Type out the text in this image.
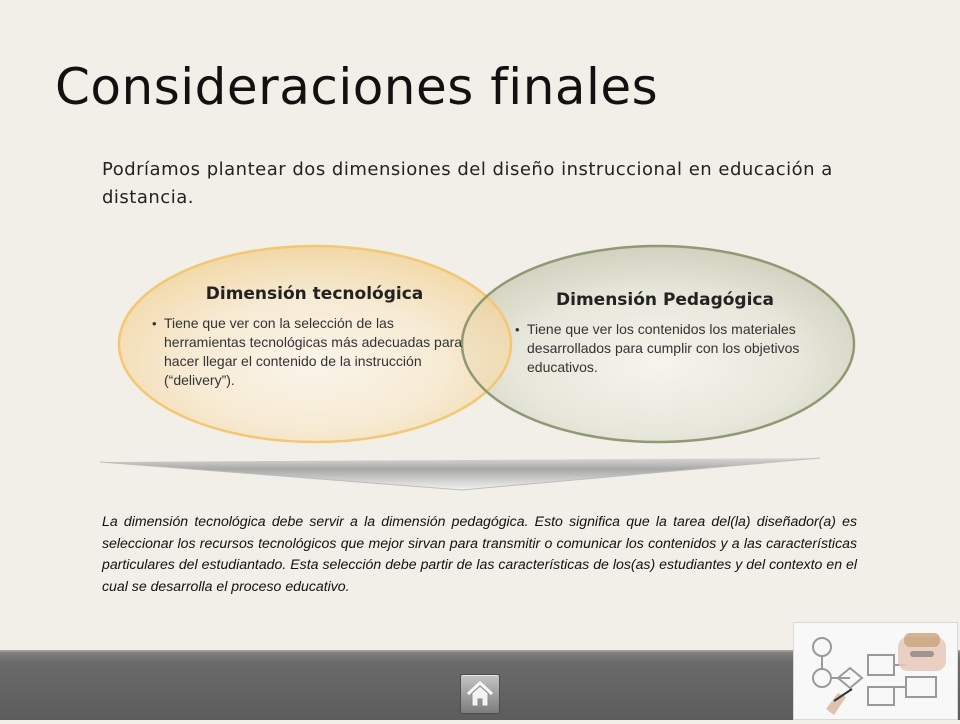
Consideraciones finales

Podríamos plantear dos dimensiones del diseño instruccional en educación a distancia.

Dimensión tecnológica

• Tiene que ver con la selección de las herramientas tecnológicas más adecuadas para hacer llegar el contenido de la instrucción (“delivery”).

Dimensión Pedagógica

• Tiene que ver los contenidos los materiales desarrollados para cumplir con los objetivos educativos.

La dimensión tecnológica debe servir a la dimensión pedagógica. Esto significa que la tarea del(la) diseñador(a) es seleccionar los recursos tecnológicos que mejor sirvan para transmitir o comunicar los contenidos y a las características particulares del estudiantado. Esta selección debe partir de las características de los(as) estudiantes y del contexto en el cual se desarrolla el proceso educativo.
